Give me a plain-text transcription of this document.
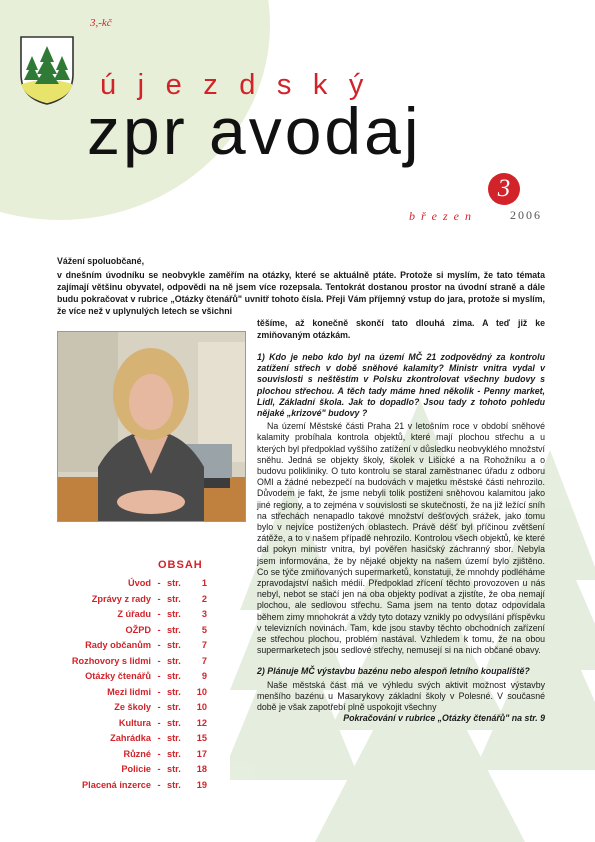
3,-kč
újezdský
zpr avodaj
3
březen	2006
Vážení spoluobčané,

v dnešním úvodníku se neobvykle zaměřím na otázky, které se aktuálně ptáte. Protože si myslím, že tato témata zajímají většinu obyvatel, odpovědi na ně jsem více rozepsala. Tentokrát dostanou prostor na úvodní straně a dále budu pokračovat v rubrice „Otázky čtenářů" uvnitř tohoto čísla. Přeji Vám příjemný vstup do jara, protože si myslím, že více než v uplynulých letech se všichni

těšíme, až konečně skončí tato dlouhá zima. A teď již ke zmiňovaným otázkám.

OBSAH
Úvod - str.	1
Zprávy z rady - str.	2
Z úřadu - str.	3
OŽPD - str.	5
Rady občanům - str.	7
Rozhovory s lidmi - str.	7
Otázky čtenářů - str.	9
Mezi lidmi - str.	10
Ze školy - str.	10
Kultura - str.	12
Zahrádka - str.	15
Různé - str.	17
Policie - str.	18
Placená inzerce - str.	19

1) Kdo je nebo kdo byl na území MČ 21 zodpovědný za kontrolu zatížení střech v době sněhové kalamity? Ministr vnitra vydal v souvislosti s neštěstím v Polsku zkontrolovat všechny budovy s plochou střechou. A těch tady máme hned několik - Penny market, Lidl, Základní škola. Jak to dopadlo? Jsou tady z tohoto pohledu nějaké „krizové" budovy ?

Na území Městské části Praha 21 v letošním roce v období sněhové kalamity probíhala kontrola objektů, které mají plochou střechu a u kterých byl předpoklad vyššího zatížení v důsledku neobvyklého množství sněhu. Jedná se objekty školy, školek v Lišické a na Rohožníku a o budovu polikliniky. O tuto kontrolu se staral zaměstnanec úřadu z odboru OMI a žádné nebezpečí na budovách v majetku městské části nehrozilo. Důvodem je fakt, že jsme nebyli tolik postiženi sněhovou kalamitou jako jiné regiony, a to zejména v souvislosti se skutečností, že na již ležící sníh na střechách nenapadlo takové množství dešťových srážek, jako tomu bylo v nejvíce postižených oblastech. Právě déšť byl příčinou zvětšení zátěže, a to v našem případě nehrozilo. Kontrolou všech objektů, ke které dal pokyn ministr vnitra, byl pověřen hasičský záchranný sbor. Nebyla jsem informována, že by nějaké objekty na našem území bylo zjištěno. Co se týče zmiňovaných supermarketů, konstatuji, že mnohdy podléháme zpravodajství našich médií. Předpoklad zřícení těchto provozoven u nás nebyl, nebot se stačí jen na oba objekty podívat a zjistíte, že oba nemají plochou, ale sedlovou střechu. Sama jsem na tento dotaz odpovídala během zimy mnohokrát a vždy tyto dotazy vznikly po odvysílání příspěvku v televizních novinách. Tam, kde jsou stavby těchto obchodních zařízení se střechou plochou, problém nastával. Vzhledem k tomu, že na obou supermarketech jsou sedlové střechy, nemusejí si na nich občané obavy.

2) Plánuje MČ výstavbu bazénu nebo alespoň letního koupaliště?

Naše městská část má ve výhledu svých aktivit možnost výstavby menšího bazénu u Masarykovy základní školy v Polesné. V současné době je však zapotřebí plně uspokojit všechny

Pokračování v rubrice „Otázky čtenářů" na str. 9
